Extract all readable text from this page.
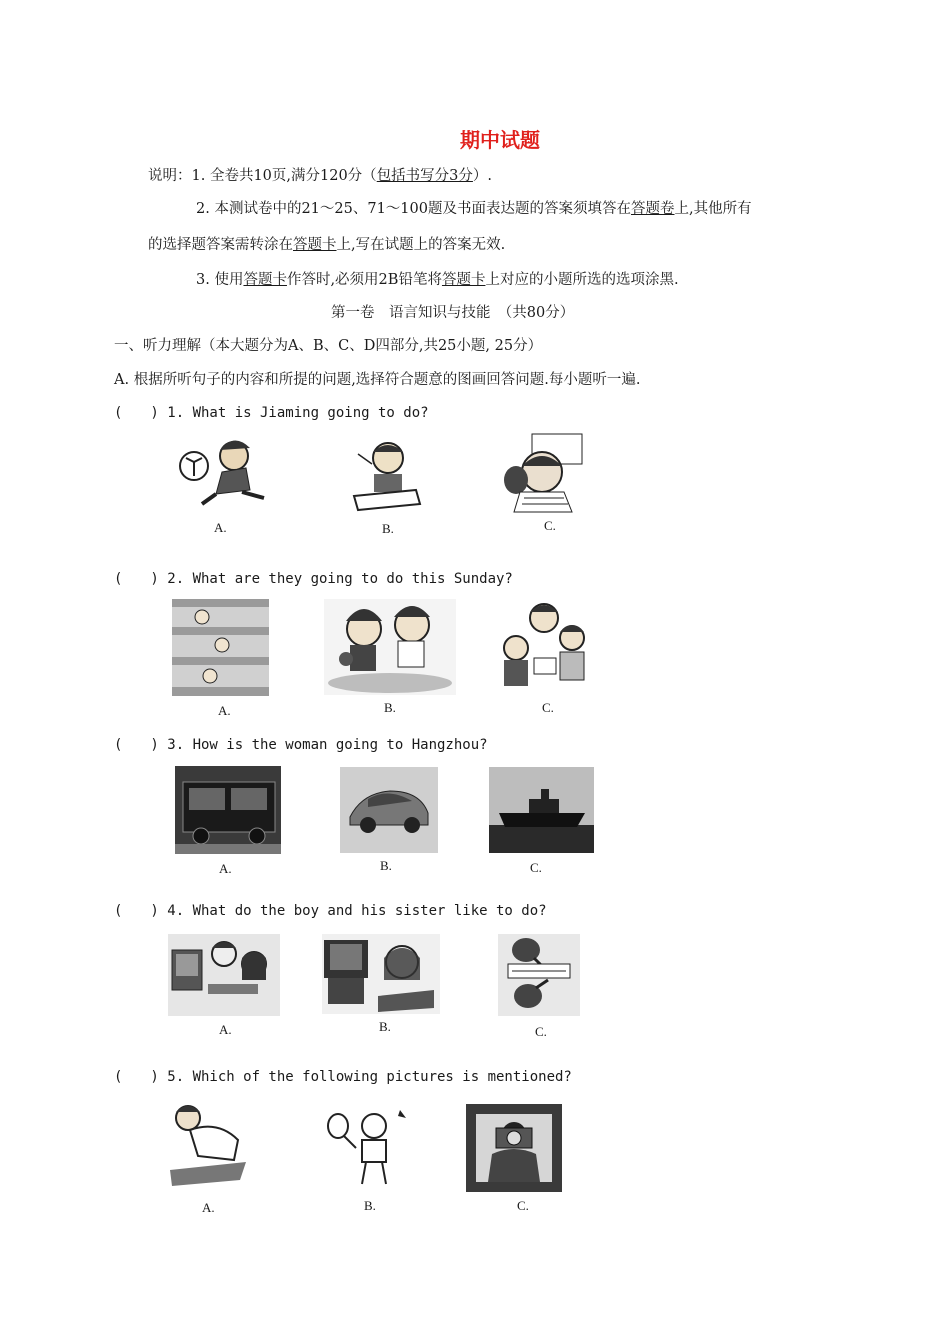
期中试题
说明：1. 全卷共10页,满分120分（包括书写分3分）.
2. 本测试卷中的21～25、71～100题及书面表达题的答案须填答在答题卷上,其他所有
的选择题答案需转涂在答题卡上,写在试题上的答案无效.
3. 使用答题卡作答时,必须用2B铅笔将答题卡上对应的小题所选的选项涂黑.
第一卷　语言知识与技能　（共80分）
一、听力理解（本大题分为A、B、C、D四部分,共25小题, 25分）
A. 根据所听句子的内容和所提的问题,选择符合题意的图画回答问题.每小题听一遍.
(　　) 1. What is Jiaming going to do?
A.	B.	C.
(　　) 2. What are they going to do this Sunday?
A.	B.	C.
(　　) 3. How is the woman going to Hangzhou?
A.	B.	C.
(　　) 4. What do the boy and his sister like to do?
A.	B.	C.
(　　) 5. Which of the following pictures is mentioned?
A.	B.	C.
